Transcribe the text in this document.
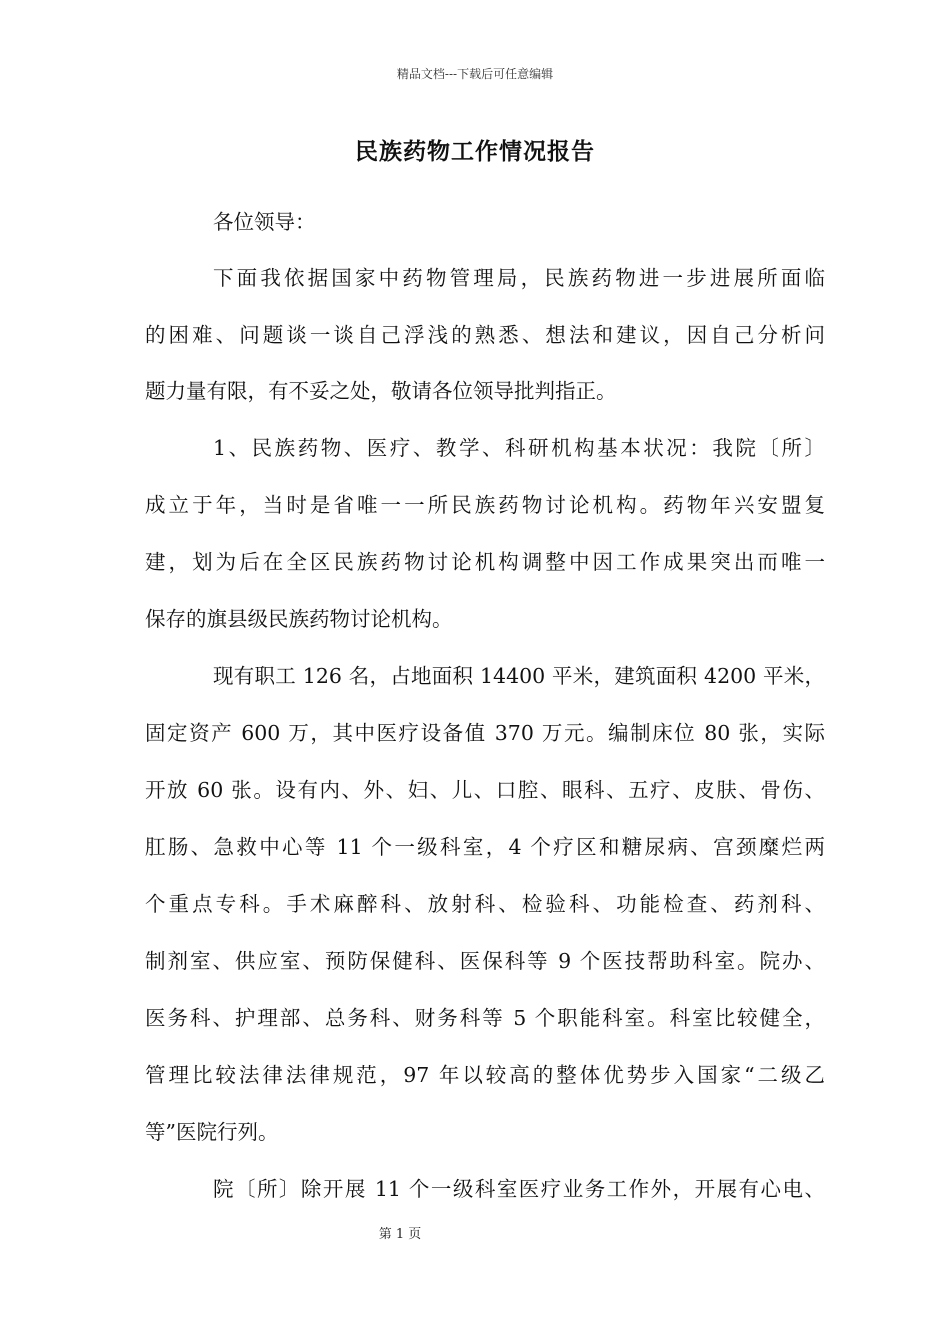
精品文档---下载后可任意编辑
民族药物工作情况报告
各位领导：
下面我依据国家中药物管理局，民族药物进一步进展所面临
的困难、问题谈一谈自己浮浅的熟悉、想法和建议，因自己分析问
题力量有限，有不妥之处，敬请各位领导批判指正。
1、民族药物、医疗、教学、科研机构基本状况：我院〔所〕
成立于年，当时是省唯一一所民族药物讨论机构。药物年兴安盟复
建，划为后在全区民族药物讨论机构调整中因工作成果突出而唯一
保存的旗县级民族药物讨论机构。
现有职工 126 名，占地面积 14400 平米，建筑面积 4200 平米，
固定资产 600 万，其中医疗设备值 370 万元。编制床位 80 张，实际
开放 60 张。设有内、外、妇、儿、口腔、眼科、五疗、皮肤、骨伤、
肛肠、急救中心等 11 个一级科室，4 个疗区和糖尿病、宫颈糜烂两
个重点专科。手术麻醉科、放射科、检验科、功能检查、药剂科、
制剂室、供应室、预防保健科、医保科等 9 个医技帮助科室。院办、
医务科、护理部、总务科、财务科等 5 个职能科室。科室比较健全，
管理比较法律法律规范，97 年以较高的整体优势步入国家“二级乙
等”医院行列。
院〔所〕除开展 11 个一级科室医疗业务工作外，开展有心电、
第 1 页
